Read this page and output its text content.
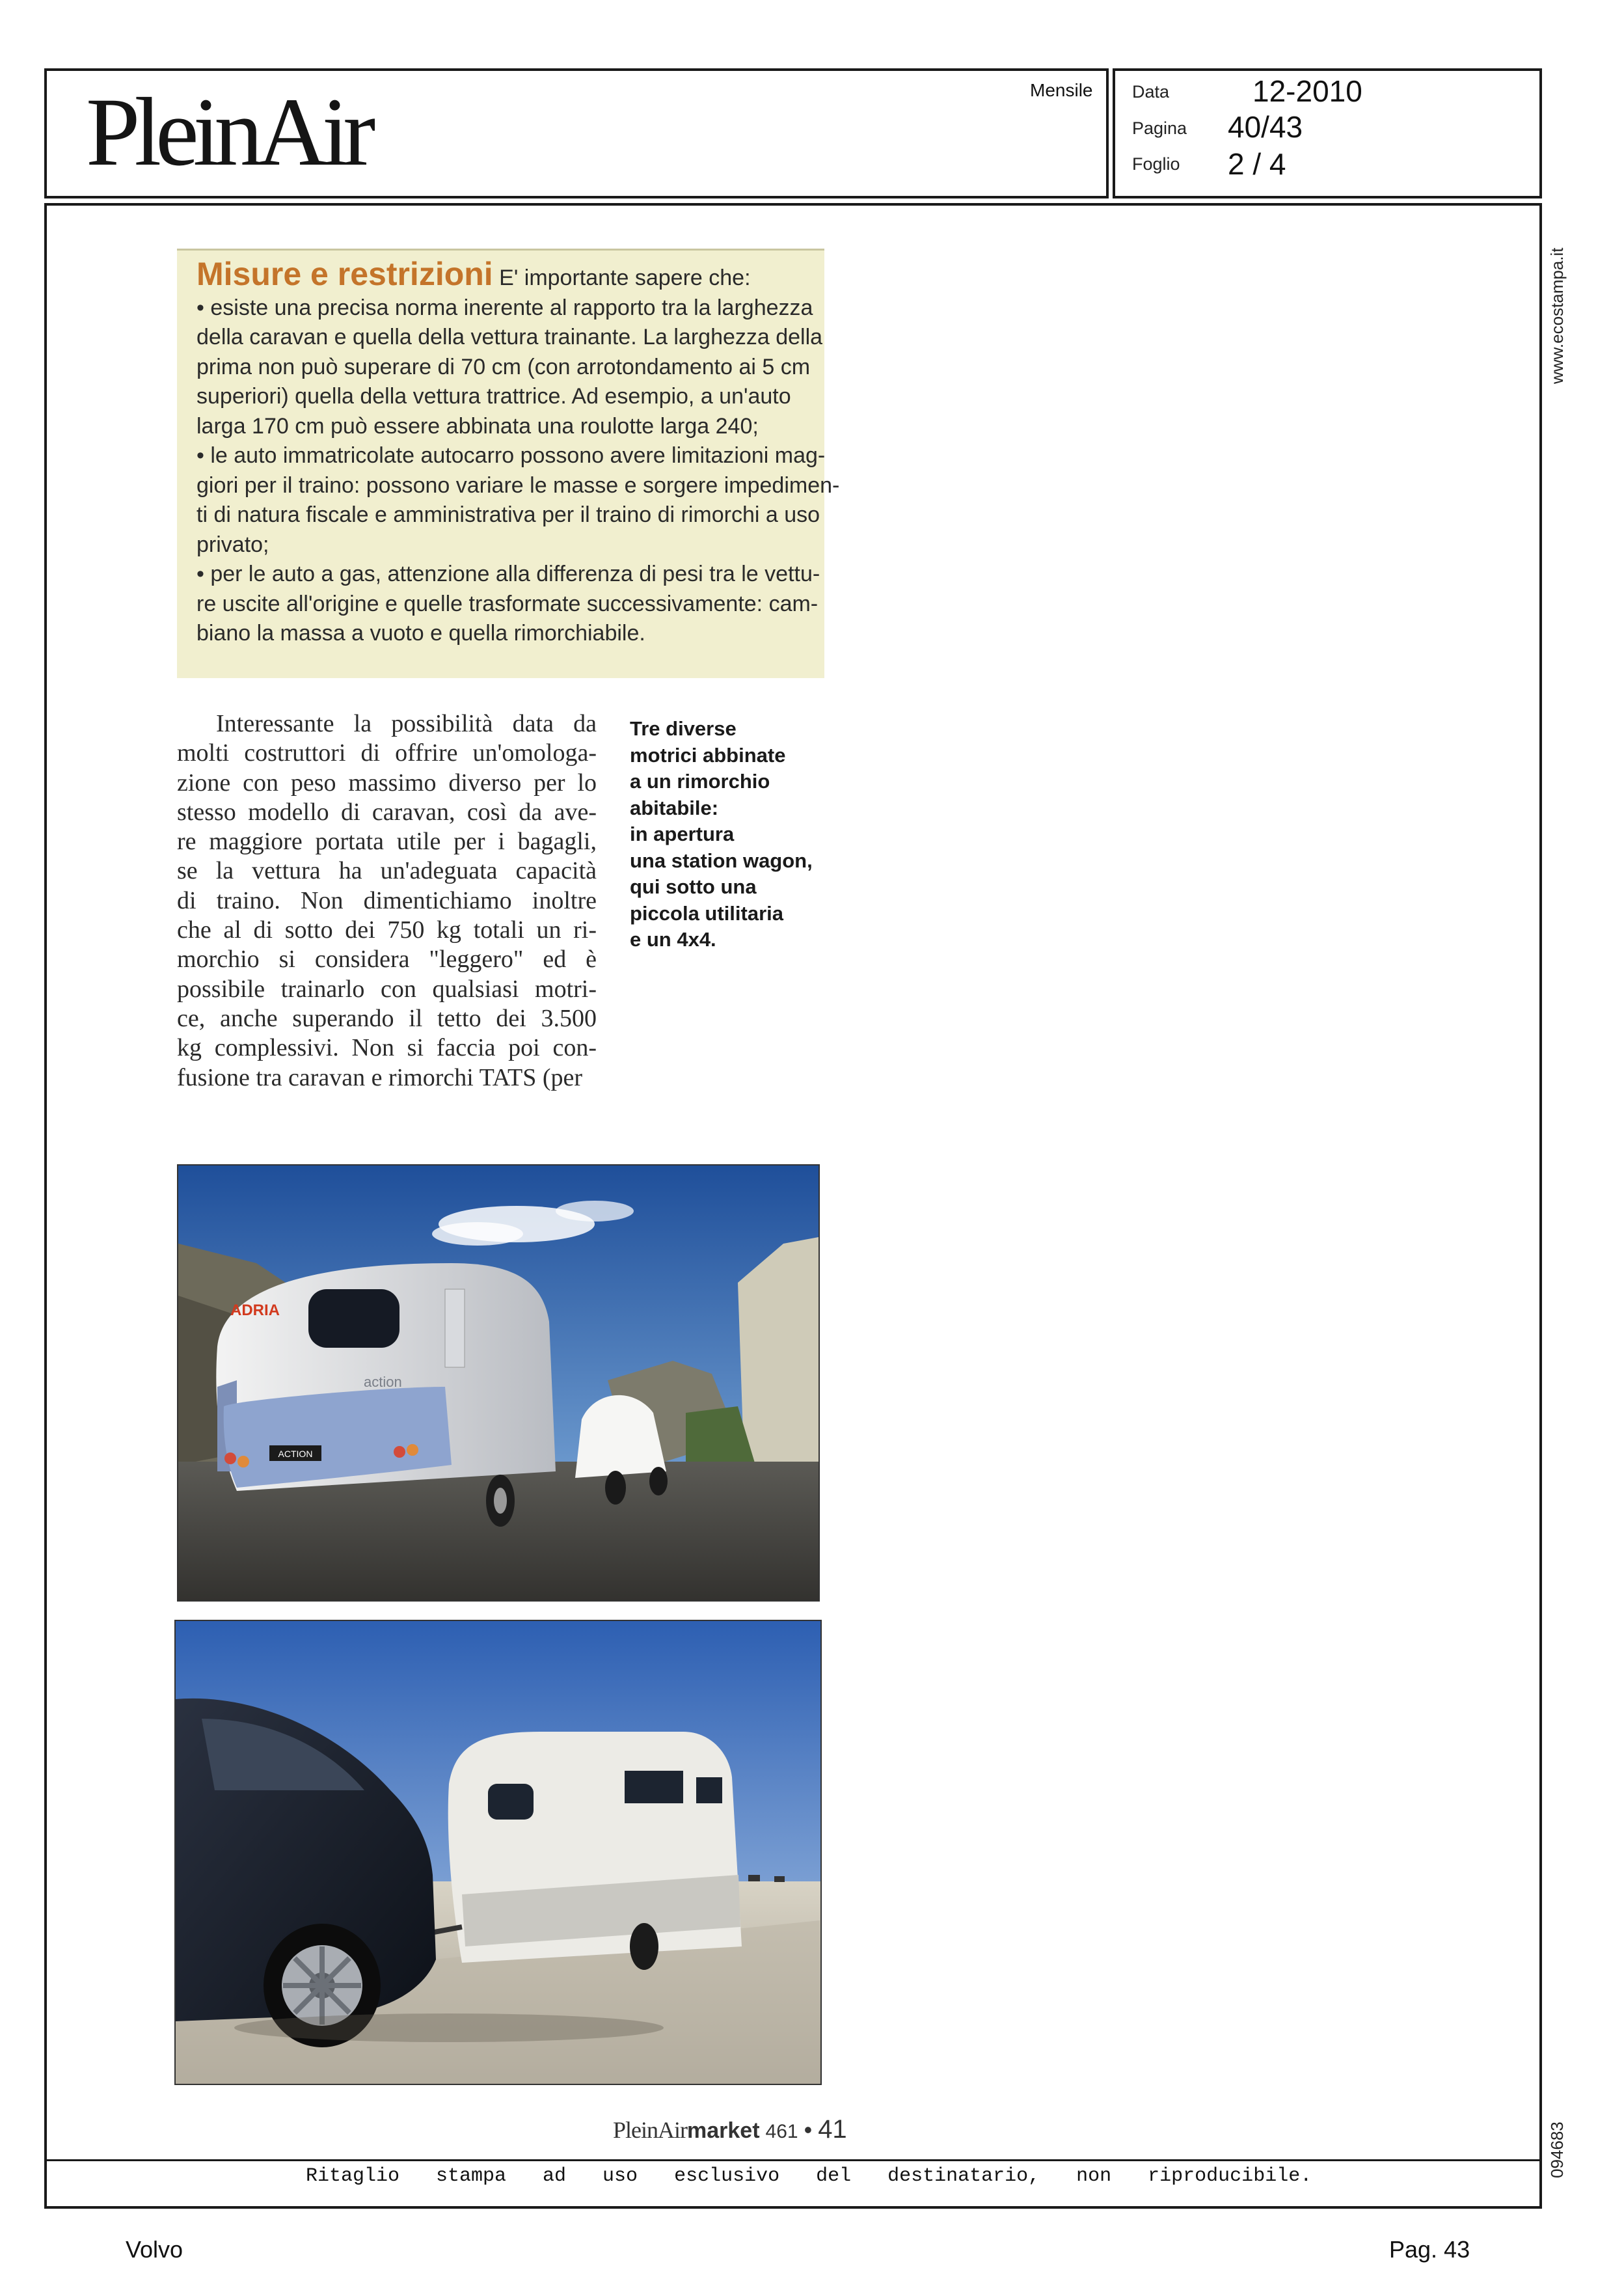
PleinAir	Mensile Data	12-2010
Pagina 40/43
Foglio 2 / 4
www.ecostampa.it
094683

Misure e restrizioni E' importante sapere che:

• esiste una precisa norma inerente al rapporto tra la larghezza

della caravan e quella della vettura trainante. La larghezza della

prima non può superare di 70 cm (con arrotondamento ai 5 cm

superiori) quella della vettura trattrice. Ad esempio, a un'auto

larga 170 cm può essere abbinata una roulotte larga 240;

• le auto immatricolate autocarro possono avere limitazioni mag-

giori per il traino: possono variare le masse e sorgere impedimen-

ti di natura fiscale e amministrativa per il traino di rimorchi a uso

privato;

• per le auto a gas, attenzione alla differenza di pesi tra le vettu-

re uscite all'origine e quelle trasformate successivamente: cam-

biano la massa a vuoto e quella rimorchiabile.

Interessante la possibilità data da
molti costruttori di offrire un'omologa-
zione con peso massimo diverso per lo
stesso modello di caravan, così da ave-
re maggiore portata utile per i bagagli,
se la vettura ha un'adeguata capacità
di traino. Non dimentichiamo inoltre
che al di sotto dei 750 kg totali un ri-
morchio si considera "leggero" ed è
possibile trainarlo con qualsiasi motri-
ce, anche superando il tetto dei 3.500
kg complessivi. Non si faccia poi con-
fusione tra caravan e rimorchi TATS (per
Tre diverse
motrici abbinate
a un rimorchio
abitabile:
in apertura
una station wagon,
qui sotto una
piccola utilitaria
e un 4x4.
ADRIA
action
ACTION
PleinAirmarket 461 • 41
Ritaglio stampa ad uso esclusivo del destinatario, non riproducibile.
Volvo	Pag. 43
